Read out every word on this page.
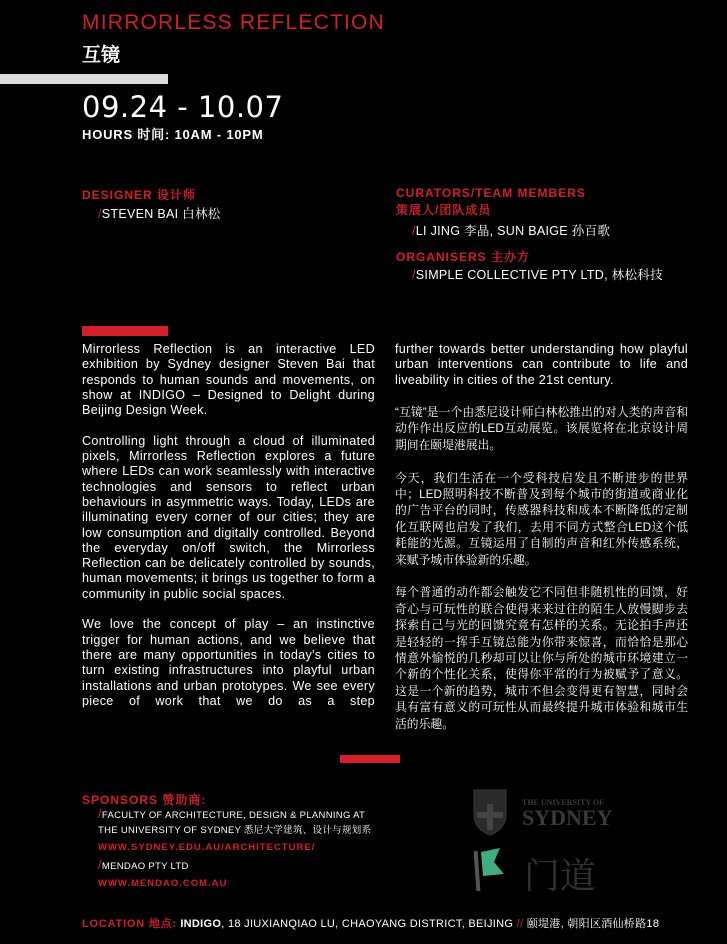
MIRRORLESS REFLECTION
互镜
09.24 - 10.07
HOURS 时间: 10AM - 10PM
DESIGNER 设计师
/STEVEN BAI 白林松
CURATORS/TEAM MEMBERS
策展人/团队成员
/LI JING 李晶, SUN BAIGE 孙百歌
ORGANISERS 主办方
/SIMPLE COLLECTIVE PTY LTD, 林松科技

Mirrorless Reflection is an interactive LED exhibition by Sydney designer Steven Bai that responds to human sounds and movements, on show at INDIGO – Designed to Delight during Beijing Design Week.

Controlling light through a cloud of illuminated pixels, Mirrorless Reflection explores a future where LEDs can work seamlessly with interactive technologies and sensors to reflect urban behaviours in asymmetric ways. Today, LEDs are illuminating every corner of our cities; they are low consumption and digitally controlled. Beyond the everyday on/off switch, the Mirrorless Reflection can be delicately controlled by sounds, human movements; it brings us together to form a community in public social spaces.

We love the concept of play – an instinctive trigger for human actions, and we believe that there are many opportunities in today's cities to turn existing infrastructures into playful urban installations and urban prototypes. We see every piece of work that we do as a step

further towards better understanding how playful urban interventions can contribute to life and liveability in cities of the 21st century.

“互镜”是一个由悉尼设计师白林松推出的对人类的声音和动作作出反应的LED互动展览。该展览将在北京设计周期间在颐堤港展出。

今天，我们生活在一个受科技启发且不断进步的世界中；LED照明科技不断普及到每个城市的街道或商业化的广告平台的同时，传感器科技和成本不断降低的定制化互联网也启发了我们，去用不同方式整合LED这个低耗能的光源。互镜运用了自制的声音和红外传感系统，来赋予城市体验新的乐趣。

每个普通的动作都会触发它不同但非随机性的回馈，好奇心与可玩性的联合使得来来过往的陌生人放慢脚步去探索自己与光的回馈究竟有怎样的关系。无论拍手声还是轻轻的一挥手互镜总能为你带来惊喜，而恰恰是那心情意外愉悦的几秒却可以让你与所处的城市环境建立一个新的个性化关系，使得你平常的行为被赋予了意义。这是一个新的趋势，城市不但会变得更有智慧，同时会具有富有意义的可玩性从而最终提升城市体验和城市生活的乐趣。

SPONSORS 赞助商:
/FACULTY OF ARCHITECTURE, DESIGN & PLANNING AT
THE UNIVERSITY OF SYDNEY 悉尼大学建筑、设计与规划系
WWW.SYDNEY.EDU.AU/ARCHITECTURE/
/MENDAO PTY LTD
WWW.MENDAO.COM.AU
THE UNIVERSITY OF
SYDNEY
门道
LOCATION 地点: INDIGO, 18 JIUXIANQIAO LU, CHAOYANG DISTRICT, BEIJING // 颐堤港, 朝阳区酒仙桥路18
